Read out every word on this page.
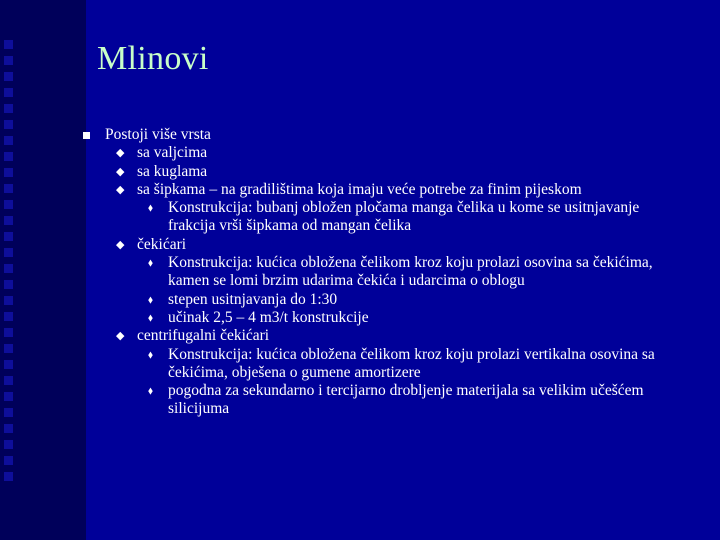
Mlinovi
Postoji više vrsta
◆ sa valjcima
◆ sa kuglama
◆ sa šipkama – na gradilištima koja imaju veće potrebe za finim pijeskom
⬧ Konstrukcija: bubanj obložen pločama manga čelika u kome se usitnjavanje frakcija vrši šipkama od mangan čelika
◆ čekićari
⬧ Konstrukcija: kućica obložena čelikom kroz koju prolazi osovina sa čekićima, kamen se lomi brzim udarima čekića i udarcima o oblogu
⬧ stepen usitnjavanja do 1:30
⬧ učinak 2,5 – 4 m3/t konstrukcije
◆ centrifugalni čekićari
⬧ Konstrukcija: kućica obložena čelikom kroz koju prolazi vertikalna osovina sa čekićima, obješena o gumene amortizere
⬧ pogodna za sekundarno i tercijarno drobljenje materijala sa velikim učešćem silicijuma
